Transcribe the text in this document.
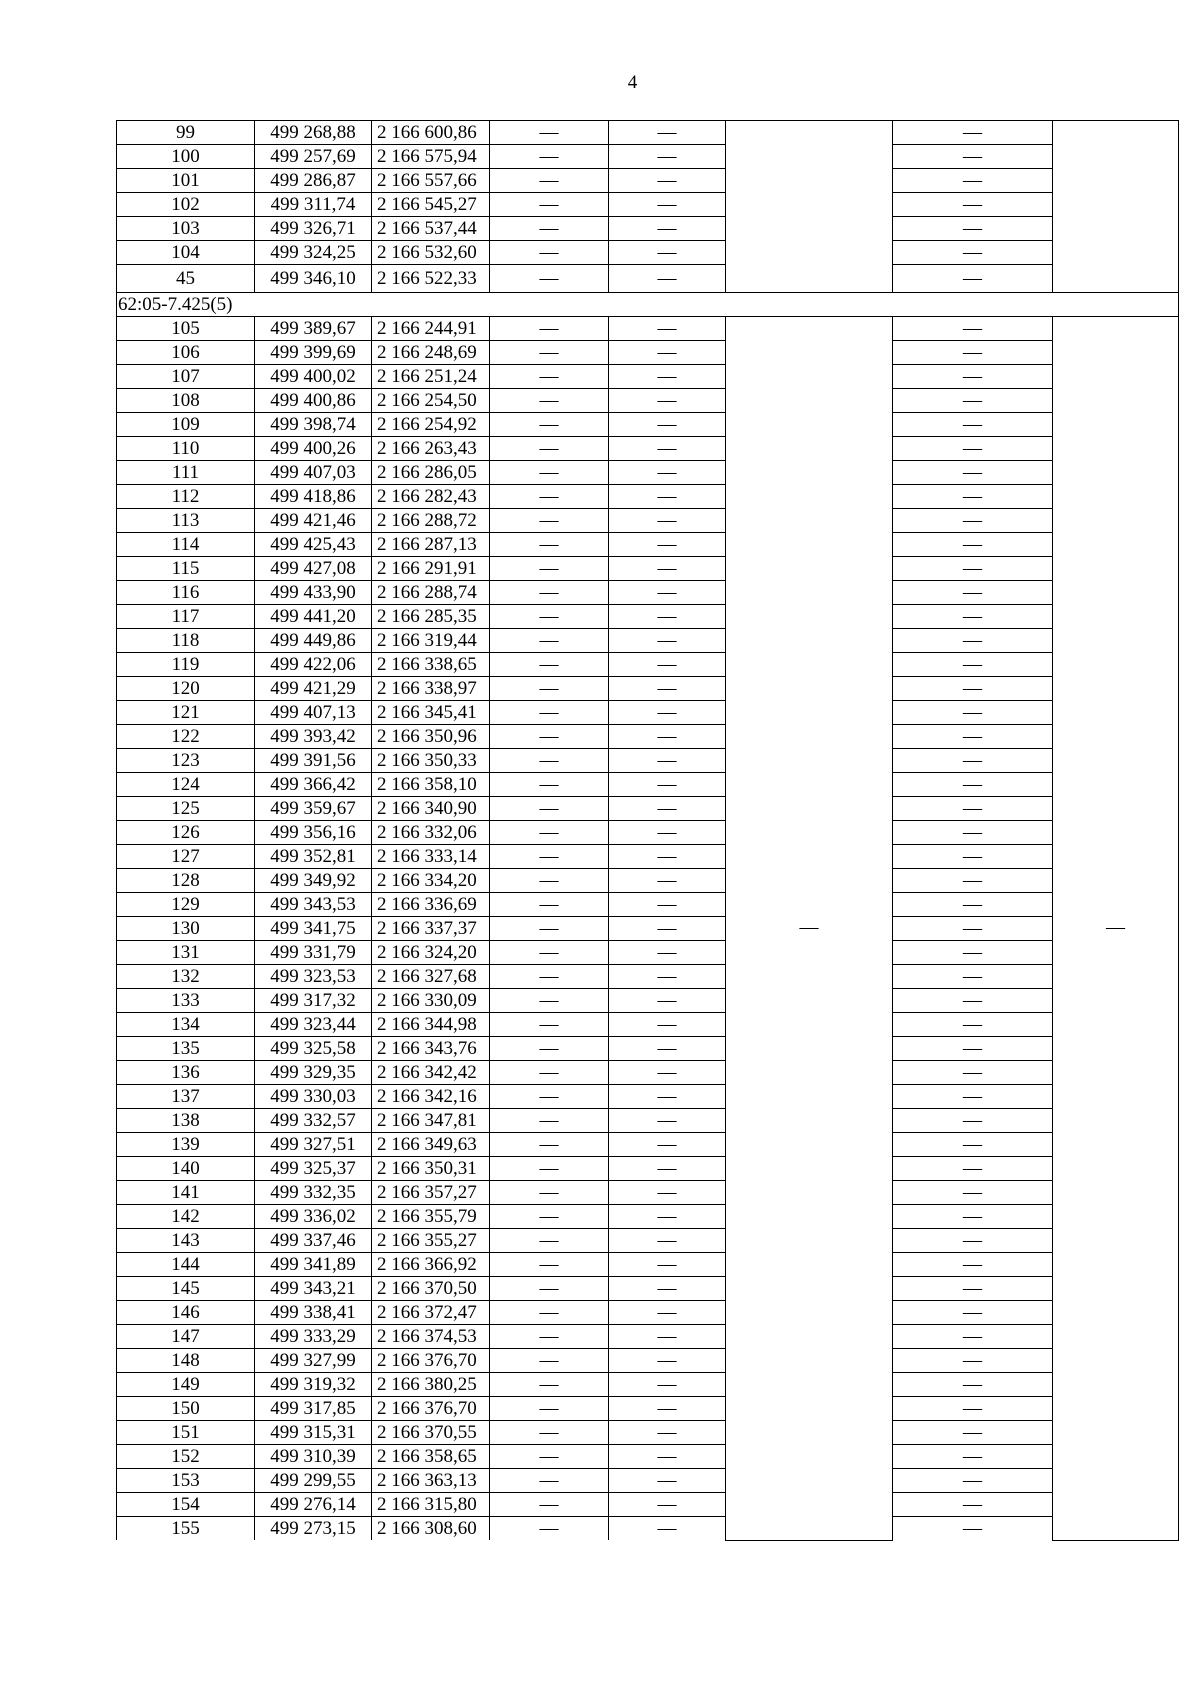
4
99	499 268,88	2 166 600,86	—	—		—	
100	499 257,69	2 166 575,94	—	—		—	
101	499 286,87	2 166 557,66	—	—		—	
102	499 311,74	2 166 545,27	—	—		—	
103	499 326,71	2 166 537,44	—	—		—	
104	499 324,25	2 166 532,60	—	—		—	
45	499 346,10	2 166 522,33	—	—		—	
62:05-7.425(5)							
105	499 389,67	2 166 244,91	—	—	—	—	—
106	499 399,69	2 166 248,69	—	—		—	
107	499 400,02	2 166 251,24	—	—		—	
108	499 400,86	2 166 254,50	—	—		—	
109	499 398,74	2 166 254,92	—	—		—	
110	499 400,26	2 166 263,43	—	—		—	
111	499 407,03	2 166 286,05	—	—		—	
112	499 418,86	2 166 282,43	—	—		—	
113	499 421,46	2 166 288,72	—	—		—	
114	499 425,43	2 166 287,13	—	—		—	
115	499 427,08	2 166 291,91	—	—		—	
116	499 433,90	2 166 288,74	—	—		—	
117	499 441,20	2 166 285,35	—	—		—	
118	499 449,86	2 166 319,44	—	—		—	
119	499 422,06	2 166 338,65	—	—		—	
120	499 421,29	2 166 338,97	—	—		—	
121	499 407,13	2 166 345,41	—	—		—	
122	499 393,42	2 166 350,96	—	—		—	
123	499 391,56	2 166 350,33	—	—		—	
124	499 366,42	2 166 358,10	—	—		—	
125	499 359,67	2 166 340,90	—	—		—	
126	499 356,16	2 166 332,06	—	—		—	
127	499 352,81	2 166 333,14	—	—		—	
128	499 349,92	2 166 334,20	—	—		—	
129	499 343,53	2 166 336,69	—	—		—	
130	499 341,75	2 166 337,37	—	—		—	
131	499 331,79	2 166 324,20	—	—		—	
132	499 323,53	2 166 327,68	—	—		—	
133	499 317,32	2 166 330,09	—	—		—	
134	499 323,44	2 166 344,98	—	—		—	
135	499 325,58	2 166 343,76	—	—		—	
136	499 329,35	2 166 342,42	—	—		—	
137	499 330,03	2 166 342,16	—	—		—	
138	499 332,57	2 166 347,81	—	—		—	
139	499 327,51	2 166 349,63	—	—		—	
140	499 325,37	2 166 350,31	—	—		—	
141	499 332,35	2 166 357,27	—	—		—	
142	499 336,02	2 166 355,79	—	—		—	
143	499 337,46	2 166 355,27	—	—		—	
144	499 341,89	2 166 366,92	—	—		—	
145	499 343,21	2 166 370,50	—	—		—	
146	499 338,41	2 166 372,47	—	—		—	
147	499 333,29	2 166 374,53	—	—		—	
148	499 327,99	2 166 376,70	—	—		—	
149	499 319,32	2 166 380,25	—	—		—	
150	499 317,85	2 166 376,70	—	—		—	
151	499 315,31	2 166 370,55	—	—		—	
152	499 310,39	2 166 358,65	—	—		—	
153	499 299,55	2 166 363,13	—	—		—	
154	499 276,14	2 166 315,80	—	—		—	
155	499 273,15	2 166 308,60	—	—		—	
